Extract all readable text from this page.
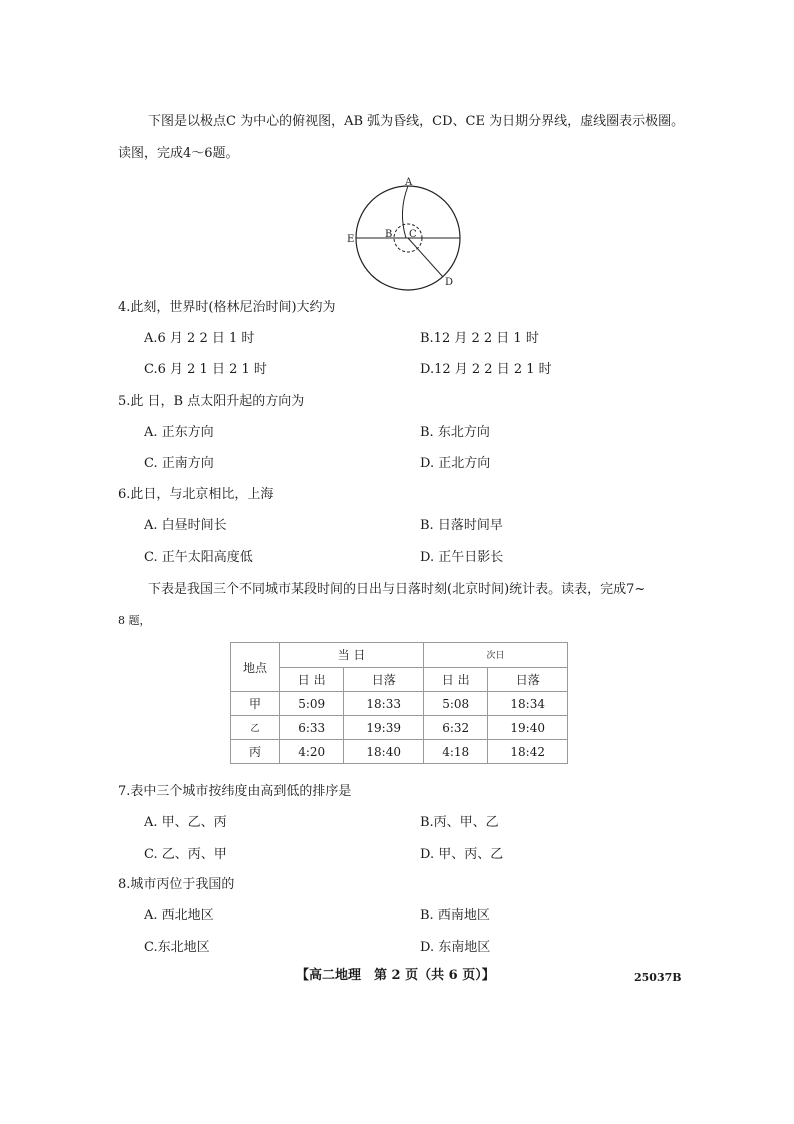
下图是以极点C 为中心的俯视图，AB 弧为昏线，CD、CE 为日期分界线，虚线圈表示极圈。
读图，完成4～6题。
A
B C
D
E
4.此刻，世界时(格林尼治时间)大约为
A.6 月 2 2 日 1 时	B.12 月 2 2 日 1 时
C.6 月 2 1 日 2 1 时	D.12 月 2 2 日 2 1 时
5.此 日，B 点太阳升起的方向为
A. 正东方向	B. 东北方向
C. 正南方向	D. 正北方向
6.此日，与北京相比，上海
A. 白昼时间长	B. 日落时间早
C. 正午太阳高度低	D. 正午日影长
下表是我国三个不同城市某段时间的日出与日落时刻(北京时间)统计表。读表，完成7~
8 题，
地点	当 日		次日	
	日 出	日落	日 出	日落
甲	5:09	18:33	5:08	18:34
乙	6:33	19:39	6:32	19:40
丙	4:20	18:40	4:18	18:42
7.表中三个城市按纬度由高到低的排序是
A. 甲、乙、丙	B.丙、甲、乙
C. 乙、丙、甲	D. 甲、丙、乙
8.城市丙位于我国的
A. 西北地区	B. 西南地区
C.东北地区	D. 东南地区
【高二地理　第 2 页（共 6 页）】	25037B
